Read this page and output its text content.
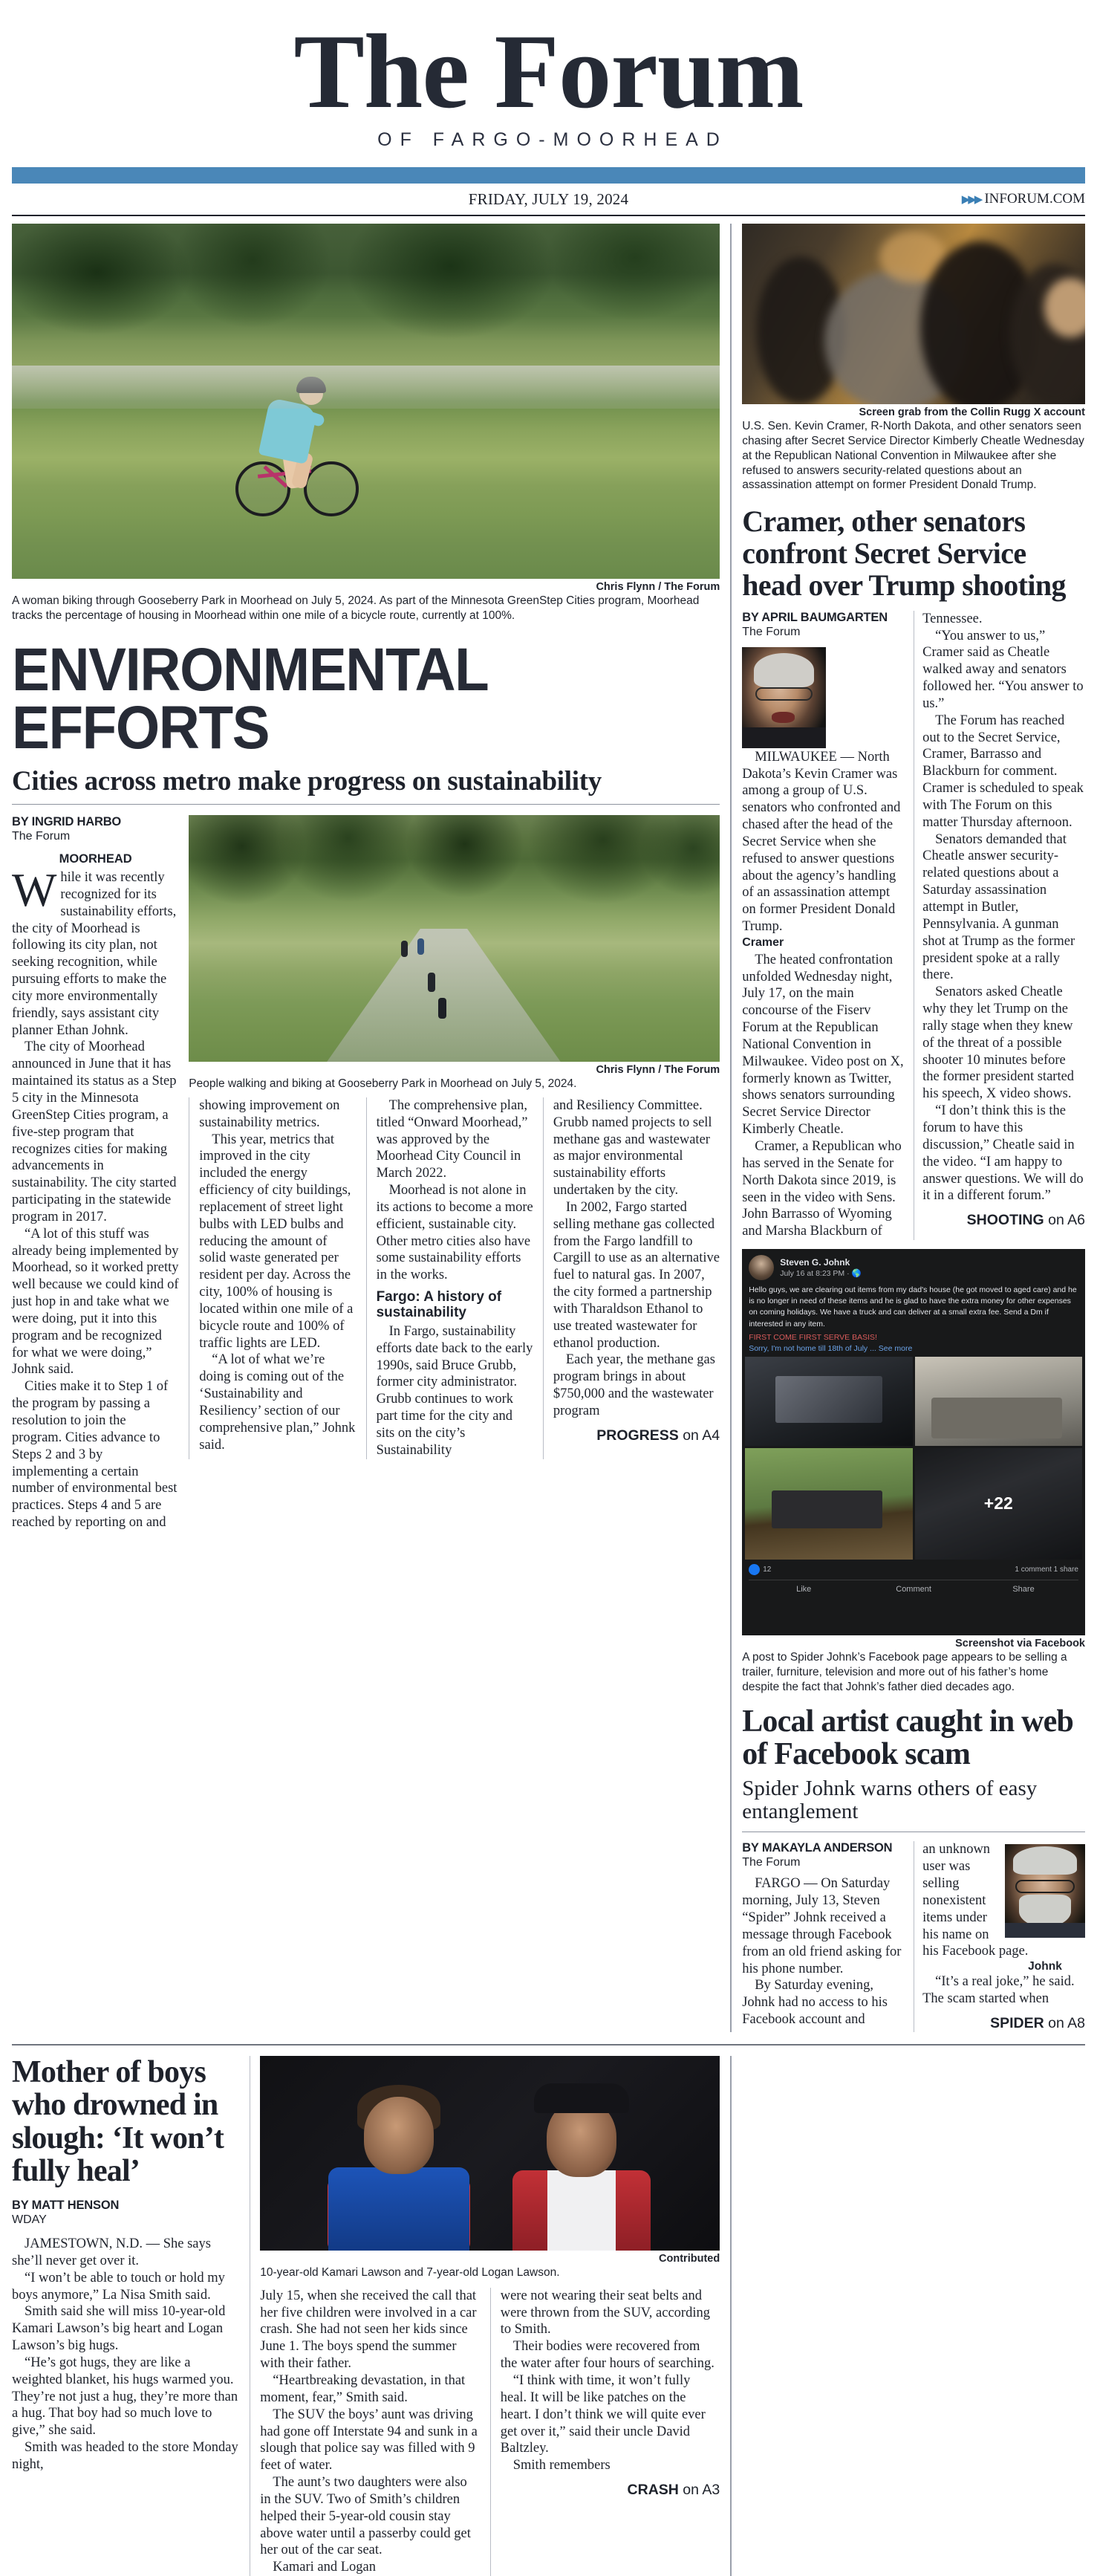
The Forum
OF FARGO-MOORHEAD
FRIDAY, JULY 19, 2024	▶▶▶ INFORUM.COM
Chris Flynn / The Forum
A woman biking through Gooseberry Park in Moorhead on July 5, 2024. As part of the Minnesota GreenStep Cities program, Moorhead tracks the percentage of housing in Moorhead within one mile of a bicycle route, currently at 100%.
ENVIRONMENTAL EFFORTS
Cities across metro make progress on sustainability
BY INGRID HARBO
The Forum
MOORHEAD

While it was recently recognized for its sustainability efforts, the city of Moorhead is following its city plan, not seeking recognition, while pursuing efforts to make the city more environmentally friendly, says assistant city planner Ethan Johnk.

The city of Moorhead announced in June that it has maintained its status as a Step 5 city in the Minnesota GreenStep Cities program, a five-step program that recognizes cities for making advancements in sustainability. The city started participating in the statewide program in 2017.

“A lot of this stuff was already being implemented by Moorhead, so it worked pretty well because we could kind of just hop in and take what we were doing, put it into this program and be recognized for what we were doing,” Johnk said.

Cities make it to Step 1 of the program by passing a resolution to join the program. Cities advance to Steps 2 and 3 by implementing a certain number of environmental best practices. Steps 4 and 5 are reached by reporting on and

Chris Flynn / The Forum
People walking and biking at Gooseberry Park in Moorhead on July 5, 2024.

showing improvement on sustainability metrics.

This year, metrics that improved in the city included the energy efficiency of city buildings, replacement of street light bulbs with LED bulbs and reducing the amount of solid waste generated per resident per day. Across the city, 100% of housing is located within one mile of a bicycle route and 100% of traffic lights are LED.

“A lot of what we’re doing is coming out of the ‘Sustainability and Resiliency’ section of our comprehensive plan,” Johnk said.

The comprehensive plan, titled “Onward Moorhead,” was approved by the Moorhead City Council in March 2022.

Moorhead is not alone in its actions to become a more efficient, sustainable city. Other metro cities also have some sustainability efforts in the works.

Fargo: A history of sustainability

In Fargo, sustainability efforts date back to the early 1990s, said Bruce Grubb, former city administrator. Grubb continues to work part time for the city and sits on the city’s Sustainability

and Resiliency Committee. Grubb named projects to sell methane gas and wastewater as major environmental sustainability efforts undertaken by the city.

In 2002, Fargo started selling methane gas collected from the Fargo landfill to Cargill to use as an alternative fuel to natural gas. In 2007, the city formed a partnership with Tharaldson Ethanol to use treated wastewater for ethanol production.

Each year, the methane gas program brings in about $750,000 and the wastewater program

PROGRESS on A4
Screen grab from the Collin Rugg X account
U.S. Sen. Kevin Cramer, R-North Dakota, and other senators seen chasing after Secret Service Director Kimberly Cheatle Wednesday at the Republican National Convention in Milwaukee after she refused to answers security-related questions about an assassination attempt on former President Donald Trump.
Cramer, other senators confront Secret Service head over Trump shooting
BY APRIL BAUMGARTEN
The Forum

MILWAUKEE — North Dakota’s Kevin Cramer was among a group of U.S. senators who confronted and chased after the head of the Secret Service when she refused to answer questions about the agency’s handling of an assassination attempt on former President Donald Trump.

Cramer

The heated confrontation unfolded Wednesday night, July 17, on the main concourse of the Fiserv Forum at the Republican National Convention in Milwaukee. Video post on X, formerly known as Twitter, shows senators surrounding Secret Service Director Kimberly Cheatle.

Cramer, a Republican who has served in the Senate for North Dakota since 2019, is seen in the video with Sens. John Barrasso of Wyoming and Marsha Blackburn of

Tennessee.

“You answer to us,” Cramer said as Cheatle walked away and senators followed her. “You answer to us.”

The Forum has reached out to the Secret Service, Cramer, Barrasso and Blackburn for comment. Cramer is scheduled to speak with The Forum on this matter Thursday afternoon.

Senators demanded that Cheatle answer security-related questions about a Saturday assassination attempt in Butler, Pennsylvania. A gunman shot at Trump as the former president spoke at a rally there.

Senators asked Cheatle why they let Trump on the rally stage when they knew of the threat of a possible shooter 10 minutes before the former president started his speech, X video shows.

“I don’t think this is the forum to have this discussion,” Cheatle said in the video. “I am happy to answer questions. We will do it in a different forum.”

SHOOTING on A6
Steven G. Johnk
July 16 at 8:23 PM · 🌎
Hello guys, we are clearing out items from my dad's house (he got moved to aged care) and he is no longer in need of these items and he is glad to have the extra money for other expenses on coming holidays. We have a truck and can deliver at a small extra fee. Send a Dm if interested in any item.
FIRST COME FIRST SERVE BASIS!
Sorry, I'm not home till 18th of July ... See more
+22
12	1 comment 1 share
Like	Comment	Share
Screenshot via Facebook
A post to Spider Johnk’s Facebook page appears to be selling a trailer, furniture, television and more out of his father’s home despite the fact that Johnk’s father died decades ago.
Local artist caught in web of Facebook scam
Spider Johnk warns others of easy entanglement
BY MAKAYLA ANDERSON
The Forum

FARGO — On Saturday morning, July 13, Steven “Spider” Johnk received a message through Facebook from an old friend asking for his phone number.

By Saturday evening, Johnk had no access to his Facebook account and

an unknown user was selling nonexistent items under his name on his Facebook page.

Johnk

“It’s a real joke,” he said. The scam started when

SPIDER on A8
Mother of boys who drowned in slough: ‘It won’t fully heal’
BY MATT HENSON
WDAY

JAMESTOWN, N.D. — She says she’ll never get over it.

“I won’t be able to touch or hold my boys anymore,” La Nisa Smith said.

Smith said she will miss 10-year-old Kamari Lawson’s big heart and Logan Lawson’s big hugs.

“He’s got hugs, they are like a weighted blanket, his hugs warmed you. They’re not just a hug, they’re more than a hug. That boy had so much love to give,” she said.

Smith was headed to the store Monday night,

Contributed
10-year-old Kamari Lawson and 7-year-old Logan Lawson.

July 15, when she received the call that her five children were involved in a car crash. She had not seen her kids since June 1. The boys spend the summer with their father.

“Heartbreaking devastation, in that moment, fear,” Smith said.

The SUV the boys’ aunt was driving had gone off Interstate 94 and sunk in a slough that police say was filled with 9 feet of water.

The aunt’s two daughters were also in the SUV. Two of Smith’s children helped their 5-year-old cousin stay above water until a passerby could get her out of the car seat.

Kamari and Logan

were not wearing their seat belts and were thrown from the SUV, according to Smith.

Their bodies were recovered from the water after four hours of searching.

“I think with time, it won’t fully heal. It will be like patches on the heart. I don’t think we will quite ever get over it,” said their uncle David Baltzley.

Smith remembers

CRASH on A3
